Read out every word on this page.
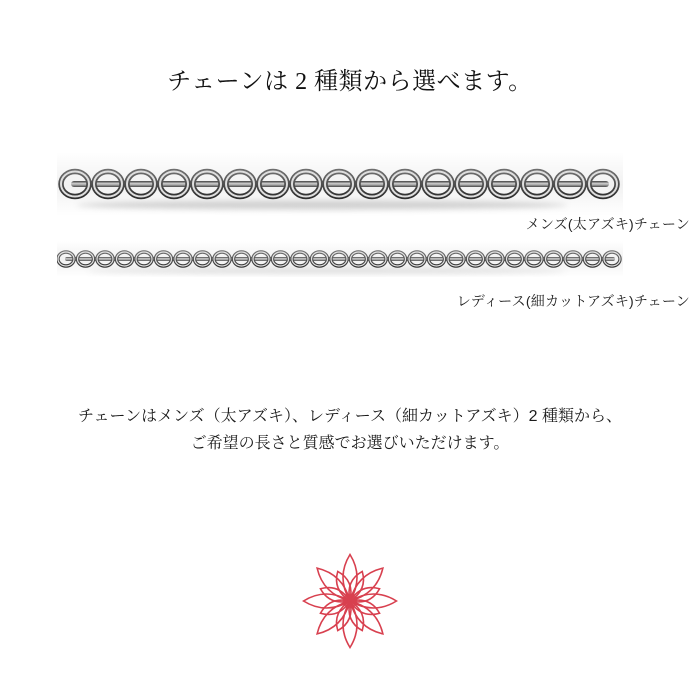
チェーンは 2 種類から選べます。
メンズ(太アズキ)チェーン
レディース(細カットアズキ)チェーン
チェーンはメンズ（太アズキ）、レディース（細カットアズキ）2 種類から、
ご希望の長さと質感でお選びいただけます。
